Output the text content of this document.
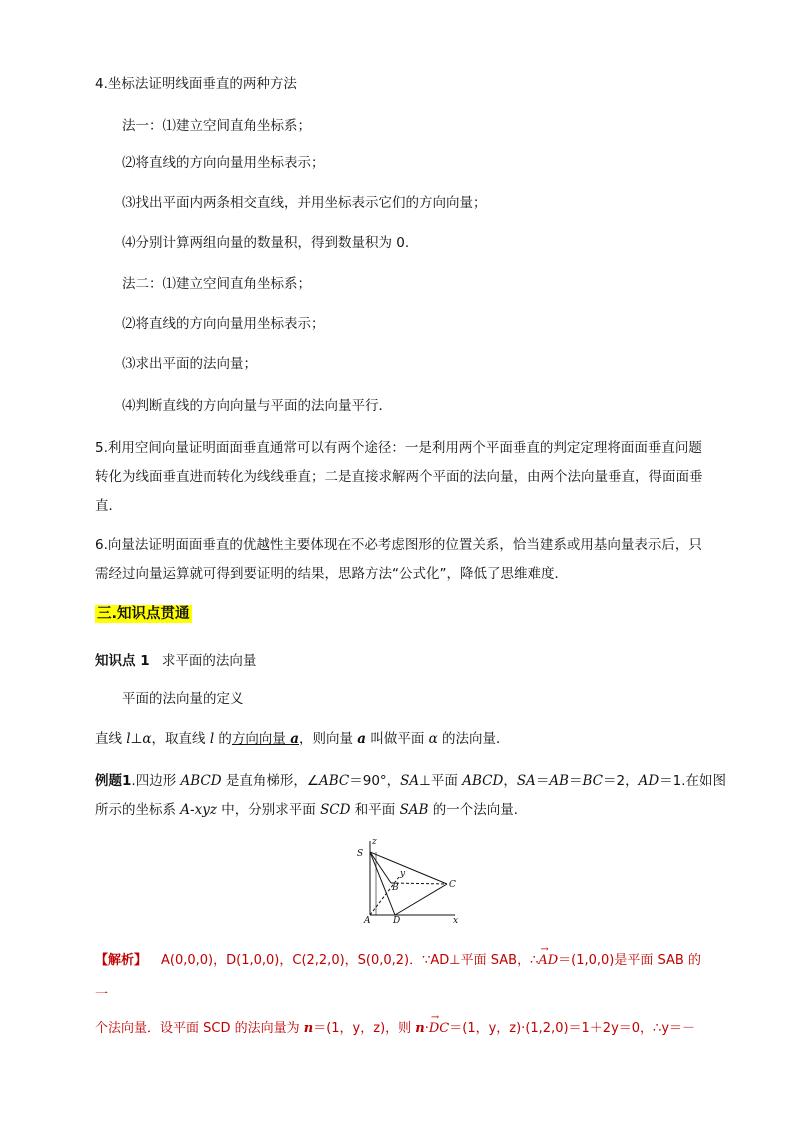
4.坐标法证明线面垂直的两种方法
法一：⑴建立空间直角坐标系；
⑵将直线的方向向量用坐标表示；
⑶找出平面内两条相交直线，并用坐标表示它们的方向向量；
⑷分别计算两组向量的数量积，得到数量积为 0.
法二：⑴建立空间直角坐标系；
⑵将直线的方向向量用坐标表示；
⑶求出平面的法向量；
⑷判断直线的方向向量与平面的法向量平行．
5.利用空间向量证明面面垂直通常可以有两个途径：一是利用两个平面垂直的判定定理将面面垂直问题转化为线面垂直进而转化为线线垂直；二是直接求解两个平面的法向量，由两个法向量垂直，得面面垂直．
6.向量法证明面面垂直的优越性主要体现在不必考虑图形的位置关系，恰当建系或用基向量表示后，只需经过向量运算就可得到要证明的结果，思路方法“公式化”，降低了思维难度．
三.知识点贯通
知识点 1 求平面的法向量
平面的法向量的定义
直线 l⊥α，取直线 l 的方向向量 a，则向量 a 叫做平面 α 的法向量．
例题1.四边形 ABCD 是直角梯形，∠ABC＝90°，SA⊥平面 ABCD，SA＝AB＝BC＝2，AD＝1.在如图
所示的坐标系 A-xyz 中，分别求平面 SCD 和平面 SAB 的一个法向量．
S
z
y
B	C
A	D	x
【解析】 A(0,0,0)，D(1,0,0)，C(2,2,0)，S(0,0,2)．∵AD⊥平面 SAB，∴→ AD＝(1,0,0)是平面 SAB 的一
个法向量．设平面 SCD 的法向量为 n＝(1，y，z)，则 n·→ DC＝(1，y，z)·(1,2,0)＝1＋2y＝0，∴y＝－
